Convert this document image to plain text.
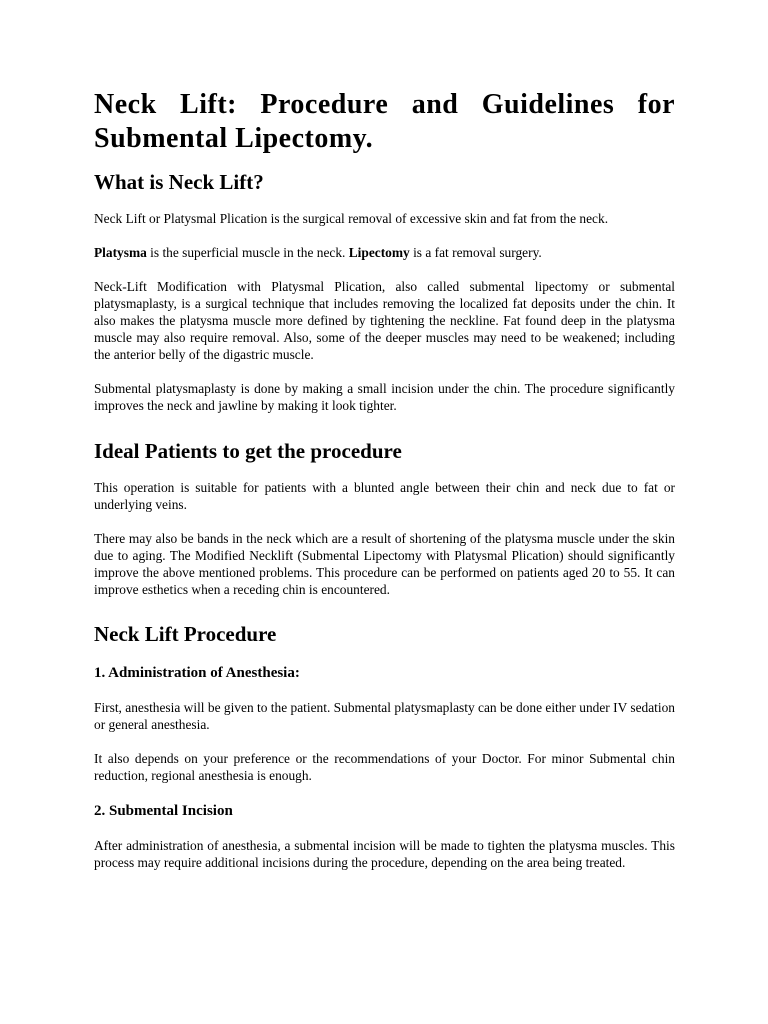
Neck Lift: Procedure and Guidelines for
Submental Lipectomy.
What is Neck Lift?

Neck Lift or Platysmal Plication is the surgical removal of excessive skin and fat from the neck.

Platysma is the superficial muscle in the neck. Lipectomy is a fat removal surgery.

Neck-Lift Modification with Platysmal Plication, also called submental lipectomy or submental platysmaplasty, is a surgical technique that includes removing the localized fat deposits under the chin. It also makes the platysma muscle more defined by tightening the neckline. Fat found deep in the platysma muscle may also require removal. Also, some of the deeper muscles may need to be weakened; including the anterior belly of the digastric muscle.

Submental platysmaplasty is done by making a small incision under the chin. The procedure significantly improves the neck and jawline by making it look tighter.

Ideal Patients to get the procedure

This operation is suitable for patients with a blunted angle between their chin and neck due to fat or underlying veins.

There may also be bands in the neck which are a result of shortening of the platysma muscle under the skin due to aging. The Modified Necklift (Submental Lipectomy with Platysmal Plication) should significantly improve the above mentioned problems. This procedure can be performed on patients aged 20 to 55. It can improve esthetics when a receding chin is encountered.

Neck Lift Procedure
1. Administration of Anesthesia:

First, anesthesia will be given to the patient. Submental platysmaplasty can be done either under IV sedation or general anesthesia.

It also depends on your preference or the recommendations of your Doctor. For minor Submental chin reduction, regional anesthesia is enough.

2. Submental Incision

After administration of anesthesia, a submental incision will be made to tighten the platysma muscles. This process may require additional incisions during the procedure, depending on the area being treated.
